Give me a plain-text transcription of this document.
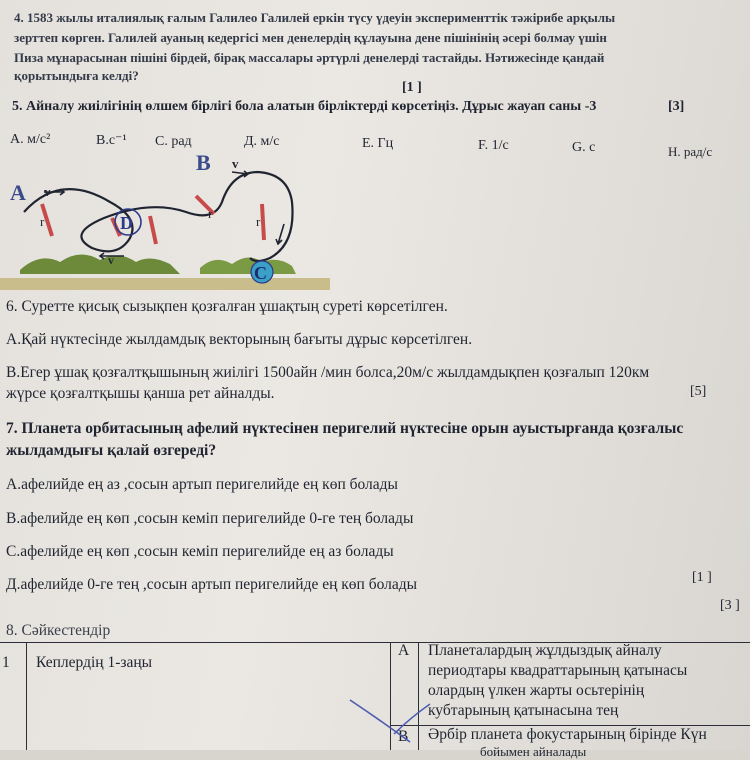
4. 1583 жылы италиялық ғалым Галилео Галилей еркін түсу үдеуін эксперименттік тәжірибе арқылы
зерттеп көрген. Галилей ауаның кедергісі мен денелердің құлауына дене пішінінің әсері болмау үшін
Пиза мұнарасынан пішіні бірдей, бірақ массалары әртүрлі денелерді тастайды. Нәтижесінде қандай
қорытындыға келді?
[1 ]
5. Айналу жиілігінің өлшем бірлігі бола алатын бірліктерді көрсетіңіз. Дұрыс жауап саны -3	[3]
A. м/с²	B.с⁻¹ C. рад	Д. м/с	E. Гц	F. 1/с	G. с	H. рад/с
A v
B v
D
v
C
r
r
r
6. Суретте қисық сызықпен қозғалған ұшақтың суреті көрсетілген.
А.Қай нүктесінде жылдамдық векторының бағыты дұрыс көрсетілген.
В.Егер ұшақ қозғалтқышының жиілігі 1500айн /мин болса,20м/с жылдамдықпен қозғалып 120км
жүрсе қозғалтқышы қанша рет айналды.	[5]
7. Планета орбитасының афелий нүктесінен перигелий нүктесіне орын ауыстырғанда қозғалыс
жылдамдығы қалай өзгереді?
А.афелийде ең аз ,сосын артып перигелийде ең көп болады
В.афелийде ең көп ,сосын кеміп перигелийде 0-ге тең болады
С.афелийде ең көп ,сосын кеміп перигелийде ең аз болады
Д.афелийде 0-ге тең ,сосын артып перигелийде ең көп болады	[1 ]
[3 ]
8. Сәйкестендір
1 Кеплердің 1-заңы
A Планеталардың жұлдыздық айналу
периодтары квадраттарының қатынасы
олардың үлкен жарты осьтерінің
кубтарының қатынасына тең
B Әрбір планета фокустарының бірінде Күн
бойымен айналады
